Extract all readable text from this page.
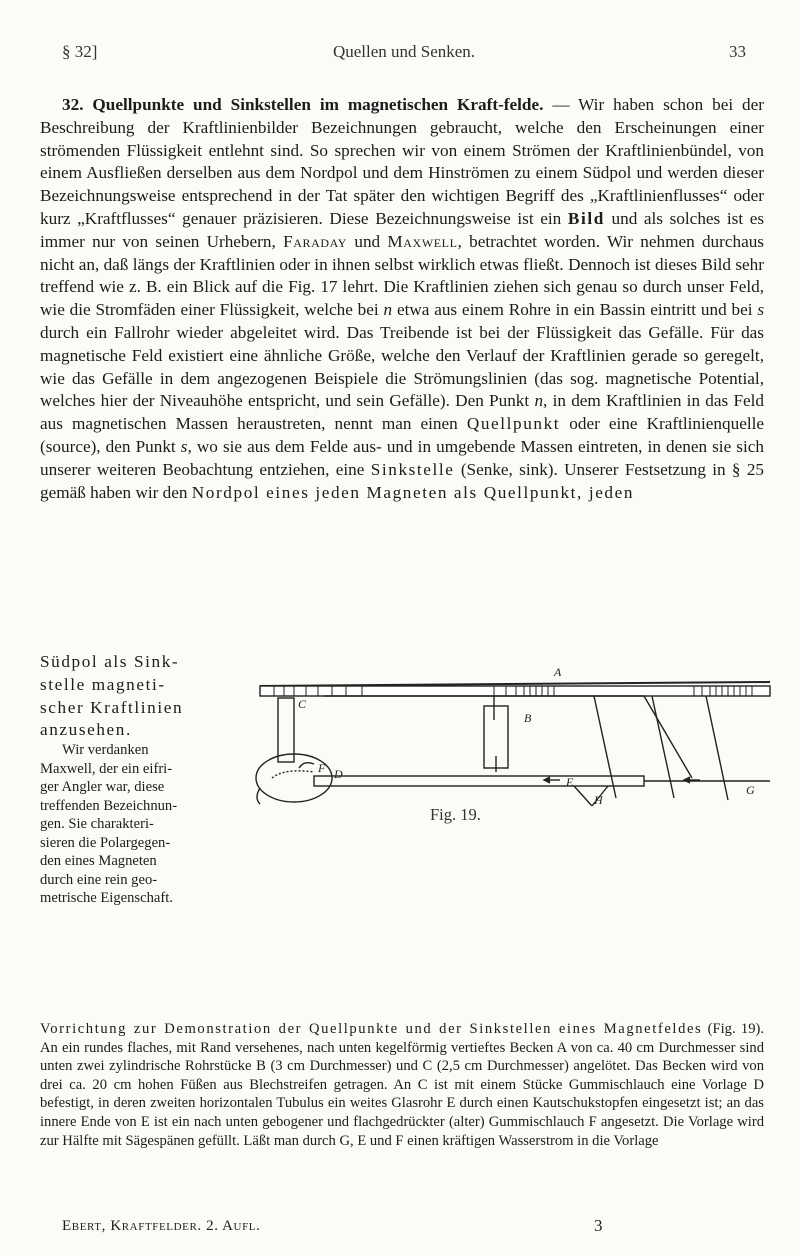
§ 32]	Quellen und Senken.	33

32. Quellpunkte und Sinkstellen im magnetischen Kraft-felde. — Wir haben schon bei der Beschreibung der Kraftlinienbilder Bezeichnungen gebraucht, welche den Erscheinungen einer strömenden Flüssigkeit entlehnt sind. So sprechen wir von einem Strömen der Kraftlinienbündel, von einem Ausfließen derselben aus dem Nordpol und dem Hinströmen zu einem Südpol und werden dieser Bezeichnungsweise entsprechend in der Tat später den wichtigen Begriff des „Kraftlinienflusses“ oder kurz „Kraftflusses“ genauer präzisieren. Diese Bezeichnungsweise ist ein Bild und als solches ist es immer nur von seinen Urhebern, Faraday und Maxwell, betrachtet worden. Wir nehmen durchaus nicht an, daß längs der Kraftlinien oder in ihnen selbst wirklich etwas fließt. Dennoch ist dieses Bild sehr treffend wie z. B. ein Blick auf die Fig. 17 lehrt. Die Kraftlinien ziehen sich genau so durch unser Feld, wie die Stromfäden einer Flüssigkeit, welche bei n etwa aus einem Rohre in ein Bassin eintritt und bei s durch ein Fallrohr wieder abgeleitet wird. Das Treibende ist bei der Flüssigkeit das Gefälle. Für das magnetische Feld existiert eine ähnliche Größe, welche den Verlauf der Kraftlinien gerade so geregelt, wie das Gefälle in dem angezogenen Beispiele die Strömungslinien (das sog. magnetische Potential, welches hier der Niveauhöhe entspricht, und sein Gefälle). Den Punkt n, in dem Kraftlinien in das Feld aus magnetischen Massen heraustreten, nennt man einen Quellpunkt oder eine Kraftlinienquelle (source), den Punkt s, wo sie aus dem Felde aus- und in umgebende Massen eintreten, in denen sie sich unserer weiteren Beobachtung entziehen, eine Sinkstelle (Senke, sink). Unserer Festsetzung in § 25 gemäß haben wir den Nordpol eines jeden Magneten als Quellpunkt, jeden

Südpol als Sink-
stelle magneti-
scher Kraftlinien
anzusehen.
Wir verdanken
Maxwell, der ein eifri-
ger Angler war, diese
treffenden Bezeichnun-
gen. Sie charakteri-
sieren die Polargegen-
den eines Magneten
durch eine rein geo-
metrische Eigenschaft.
A
B
C
D
E
F
G
H
Fig. 19.
Vorrichtung zur Demonstration der Quellpunkte und der Sinkstellen eines Magnetfeldes (Fig. 19). An ein rundes flaches, mit Rand versehenes, nach unten kegelförmig vertieftes Becken A von ca. 40 cm Durchmesser sind unten zwei zylindrische Rohrstücke B (3 cm Durchmesser) und C (2,5 cm Durchmesser) angelötet. Das Becken wird von drei ca. 20 cm hohen Füßen aus Blechstreifen getragen. An C ist mit einem Stücke Gummischlauch eine Vorlage D befestigt, in deren zweiten horizontalen Tubulus ein weites Glasrohr E durch einen Kautschukstopfen eingesetzt ist; an das innere Ende von E ist ein nach unten gebogener und flachgedrückter (alter) Gummischlauch F angesetzt. Die Vorlage wird zur Hälfte mit Sägespänen gefüllt. Läßt man durch G, E und F einen kräftigen Wasserstrom in die Vorlage
Ebert, Kraftfelder. 2. Aufl.	3
